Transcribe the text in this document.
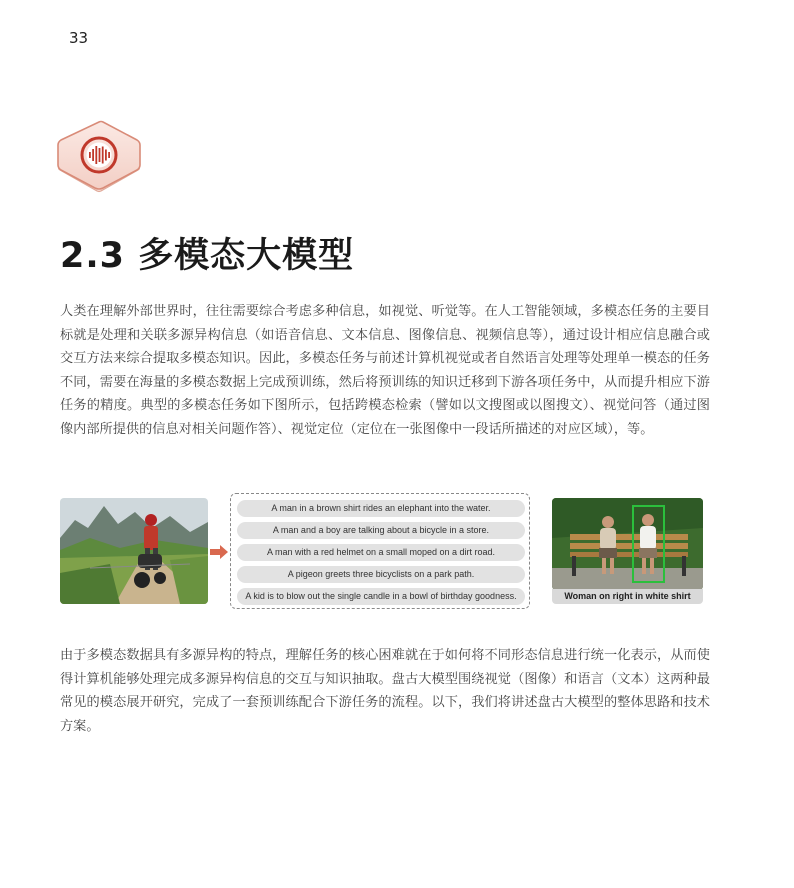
33
2.3 多模态大模型

人类在理解外部世界时，往往需要综合考虑多种信息，如视觉、听觉等。在人工智能领域，多模态任务的主要目标就是处理和关联多源异构信息（如语音信息、文本信息、图像信息、视频信息等），通过设计相应信息融合或交互方法来综合提取多模态知识。因此，多模态任务与前述计算机视觉或者自然语言处理等处理单一模态的任务不同，需要在海量的多模态数据上完成预训练，然后将预训练的知识迁移到下游各项任务中，从而提升相应下游任务的精度。典型的多模态任务如下图所示，包括跨模态检索（譬如以文搜图或以图搜文）、视觉问答（通过图像内部所提供的信息对相关问题作答）、视觉定位（定位在一张图像中一段话所描述的对应区域），等。

A man in a brown shirt rides an elephant into the water.
A man and a boy are talking about a bicycle in a store.
A man with a red helmet on a small moped on a dirt road.
A pigeon greets three bicyclists on a park path.
A kid is to blow out the single candle in a bowl of birthday goodness.	Woman on right in white shirt

由于多模态数据具有多源异构的特点，理解任务的核心困难就在于如何将不同形态信息进行统一化表示，从而使得计算机能够处理完成多源异构信息的交互与知识抽取。盘古大模型围绕视觉（图像）和语言（文本）这两种最常见的模态展开研究，完成了一套预训练配合下游任务的流程。以下，我们将讲述盘古大模型的整体思路和技术方案。
